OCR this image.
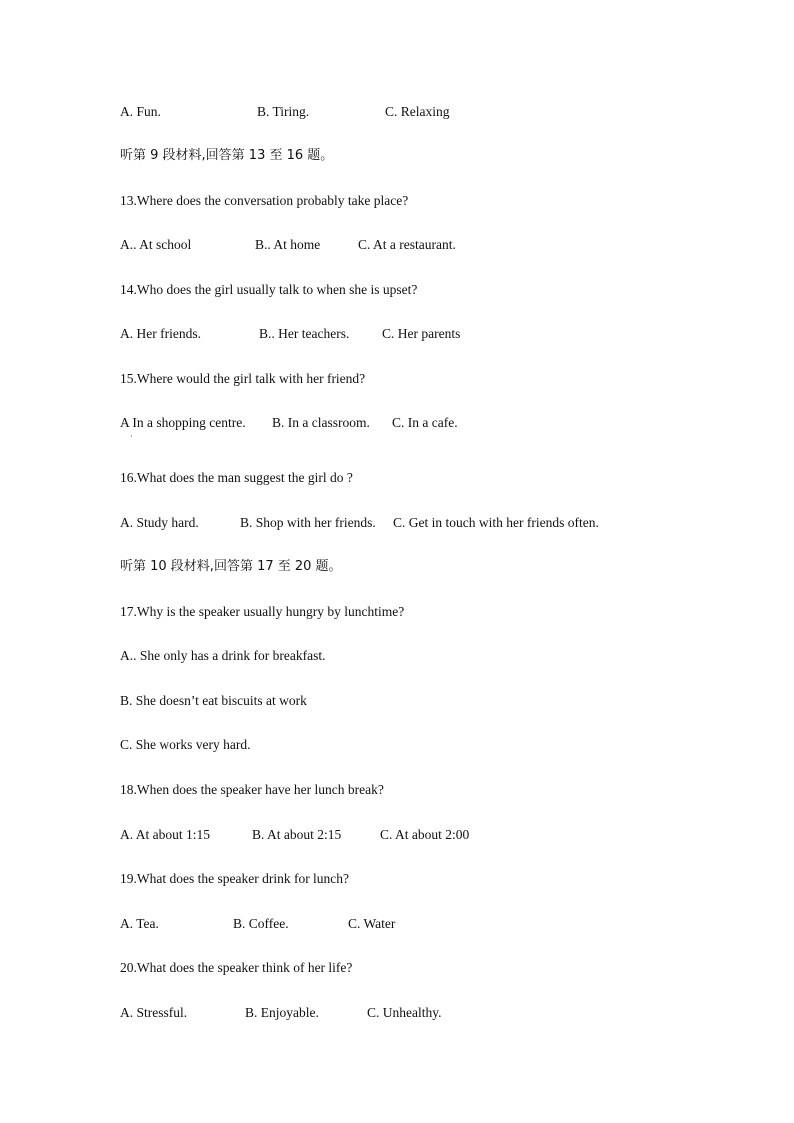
A. Fun.	B. Tiring.	C. Relaxing
听第 9 段材料,回答第 13 至 16 题。
13.Where does the conversation probably take place?
A.. At school	B.. At home	C. At a restaurant.
14.Who does the girl usually talk to when she is upset?
A. Her friends.	B.. Her teachers. C. Her parents
15.Where would the girl talk with her friend?
A In a shopping centre. B. In a classroom. C. In a cafe.
·
16.What does the man suggest the girl do ?
A. Study hard.	B. Shop with her friends. C. Get in touch with her friends often.
听第 10 段材料,回答第 17 至 20 题。
17.Why is the speaker usually hungry by lunchtime?
A.. She only has a drink for breakfast.
B. She doesn’t eat biscuits at work
C. She works very hard.
18.When does the speaker have her lunch break?
A. At about 1:15	B. At about 2:15	C. At about 2:00
19.What does the speaker drink for lunch?
A. Tea.	B. Coffee.	C. Water
20.What does the speaker think of her life?
A. Stressful.	B. Enjoyable.	C. Unhealthy.
